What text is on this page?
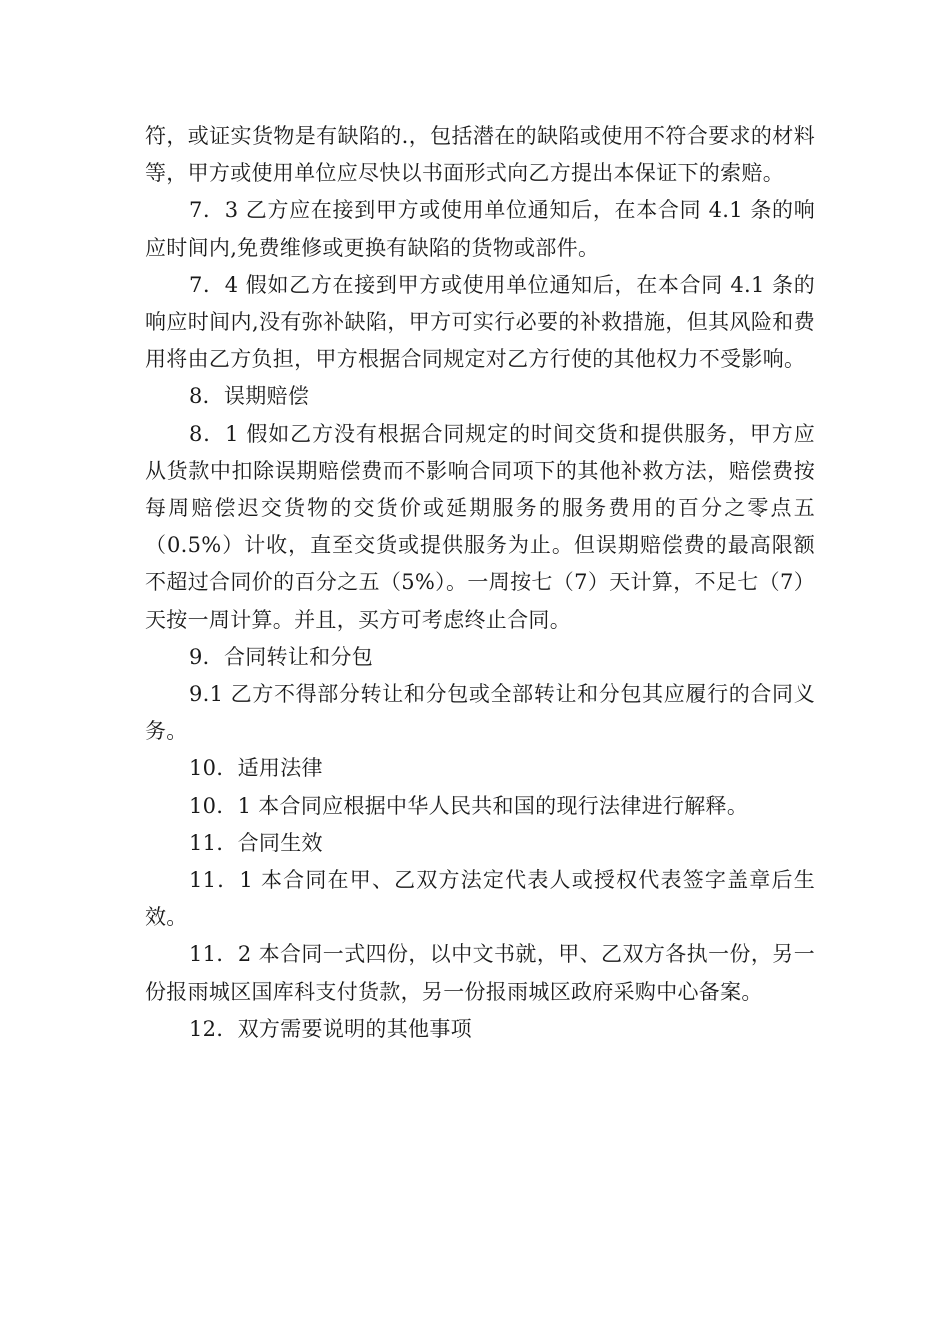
符，或证实货物是有缺陷的.，包括潜在的缺陷或使用不符合要求的材料等，甲方或使用单位应尽快以书面形式向乙方提出本保证下的索赔。

7．3 乙方应在接到甲方或使用单位通知后，在本合同 4.1 条的响应时间内,免费维修或更换有缺陷的货物或部件。

7．4 假如乙方在接到甲方或使用单位通知后，在本合同 4.1 条的响应时间内,没有弥补缺陷，甲方可实行必要的补救措施，但其风险和费用将由乙方负担，甲方根据合同规定对乙方行使的其他权力不受影响。

8．误期赔偿

8．1 假如乙方没有根据合同规定的时间交货和提供服务，甲方应从货款中扣除误期赔偿费而不影响合同项下的其他补救方法，赔偿费按每周赔偿迟交货物的交货价或延期服务的服务费用的百分之零点五（0.5%）计收，直至交货或提供服务为止。但误期赔偿费的最高限额不超过合同价的百分之五（5%）。一周按七（7）天计算，不足七（7）天按一周计算。并且，买方可考虑终止合同。

9．合同转让和分包

9.1 乙方不得部分转让和分包或全部转让和分包其应履行的合同义务。

10．适用法律

10．1 本合同应根据中华人民共和国的现行法律进行解释。

11．合同生效

11．1 本合同在甲、乙双方法定代表人或授权代表签字盖章后生效。

11．2 本合同一式四份，以中文书就，甲、乙双方各执一份，另一份报雨城区国库科支付货款，另一份报雨城区政府采购中心备案。

12．双方需要说明的其他事项
